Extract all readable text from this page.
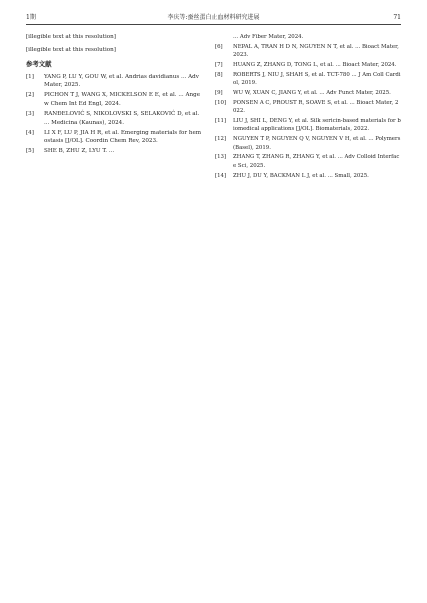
1期	李庆等:蚕丝蛋白止血材料研究进展	71

[illegible text at this resolution]

[illegible text at this resolution]

参考文献
[1] YANG P, LU Y, GOU W, et al. Andrias davidianus ... Adv Mater, 2025.
[2] PICHON T J, WANG X, MICKELSON E E, et al. ... Angew Chem Int Ed Engl, 2024.
[3] RANĐELOVIĆ S, NIKOLOVSKI S, SELAKOVIĆ D, et al. ... Medicina (Kaunas), 2024.
[4] LI X F, LU P, JIA H R, et al. Emerging materials for hemostasis [J/OL]. Coordin Chem Rev, 2023.
[5] SHE B, ZHU Z, LYU T. ...
... Adv Fiber Mater, 2024.
[6] NEPAL A, TRAN H D N, NGUYEN N T, et al. ... Bioact Mater, 2023.
[7] HUANG Z, ZHANG D, TONG L, et al. ... Bioact Mater, 2024.
[8] ROBERTS J, NIU J, SHAH S, et al. TCT-780 ... J Am Coll Cardiol, 2019.
[9] WU W, XUAN C, JIANG Y, et al. ... Adv Funct Mater, 2025.
[10] PONSEN A C, PROUST R, SOAVE S, et al. ... Bioact Mater, 2022.
[11] LIU J, SHI L, DENG Y, et al. Silk sericin-based materials for biomedical applications [J/OL]. Biomaterials, 2022.
[12] NGUYEN T P, NGUYEN Q V, NGUYEN V H, et al. ... Polymers (Basel), 2019.
[13] ZHANG T, ZHANG R, ZHANG Y, et al. ... Adv Colloid Interface Sci, 2025.
[14] ZHU J, DU Y, BACKMAN L J, et al. ... Small, 2025.
